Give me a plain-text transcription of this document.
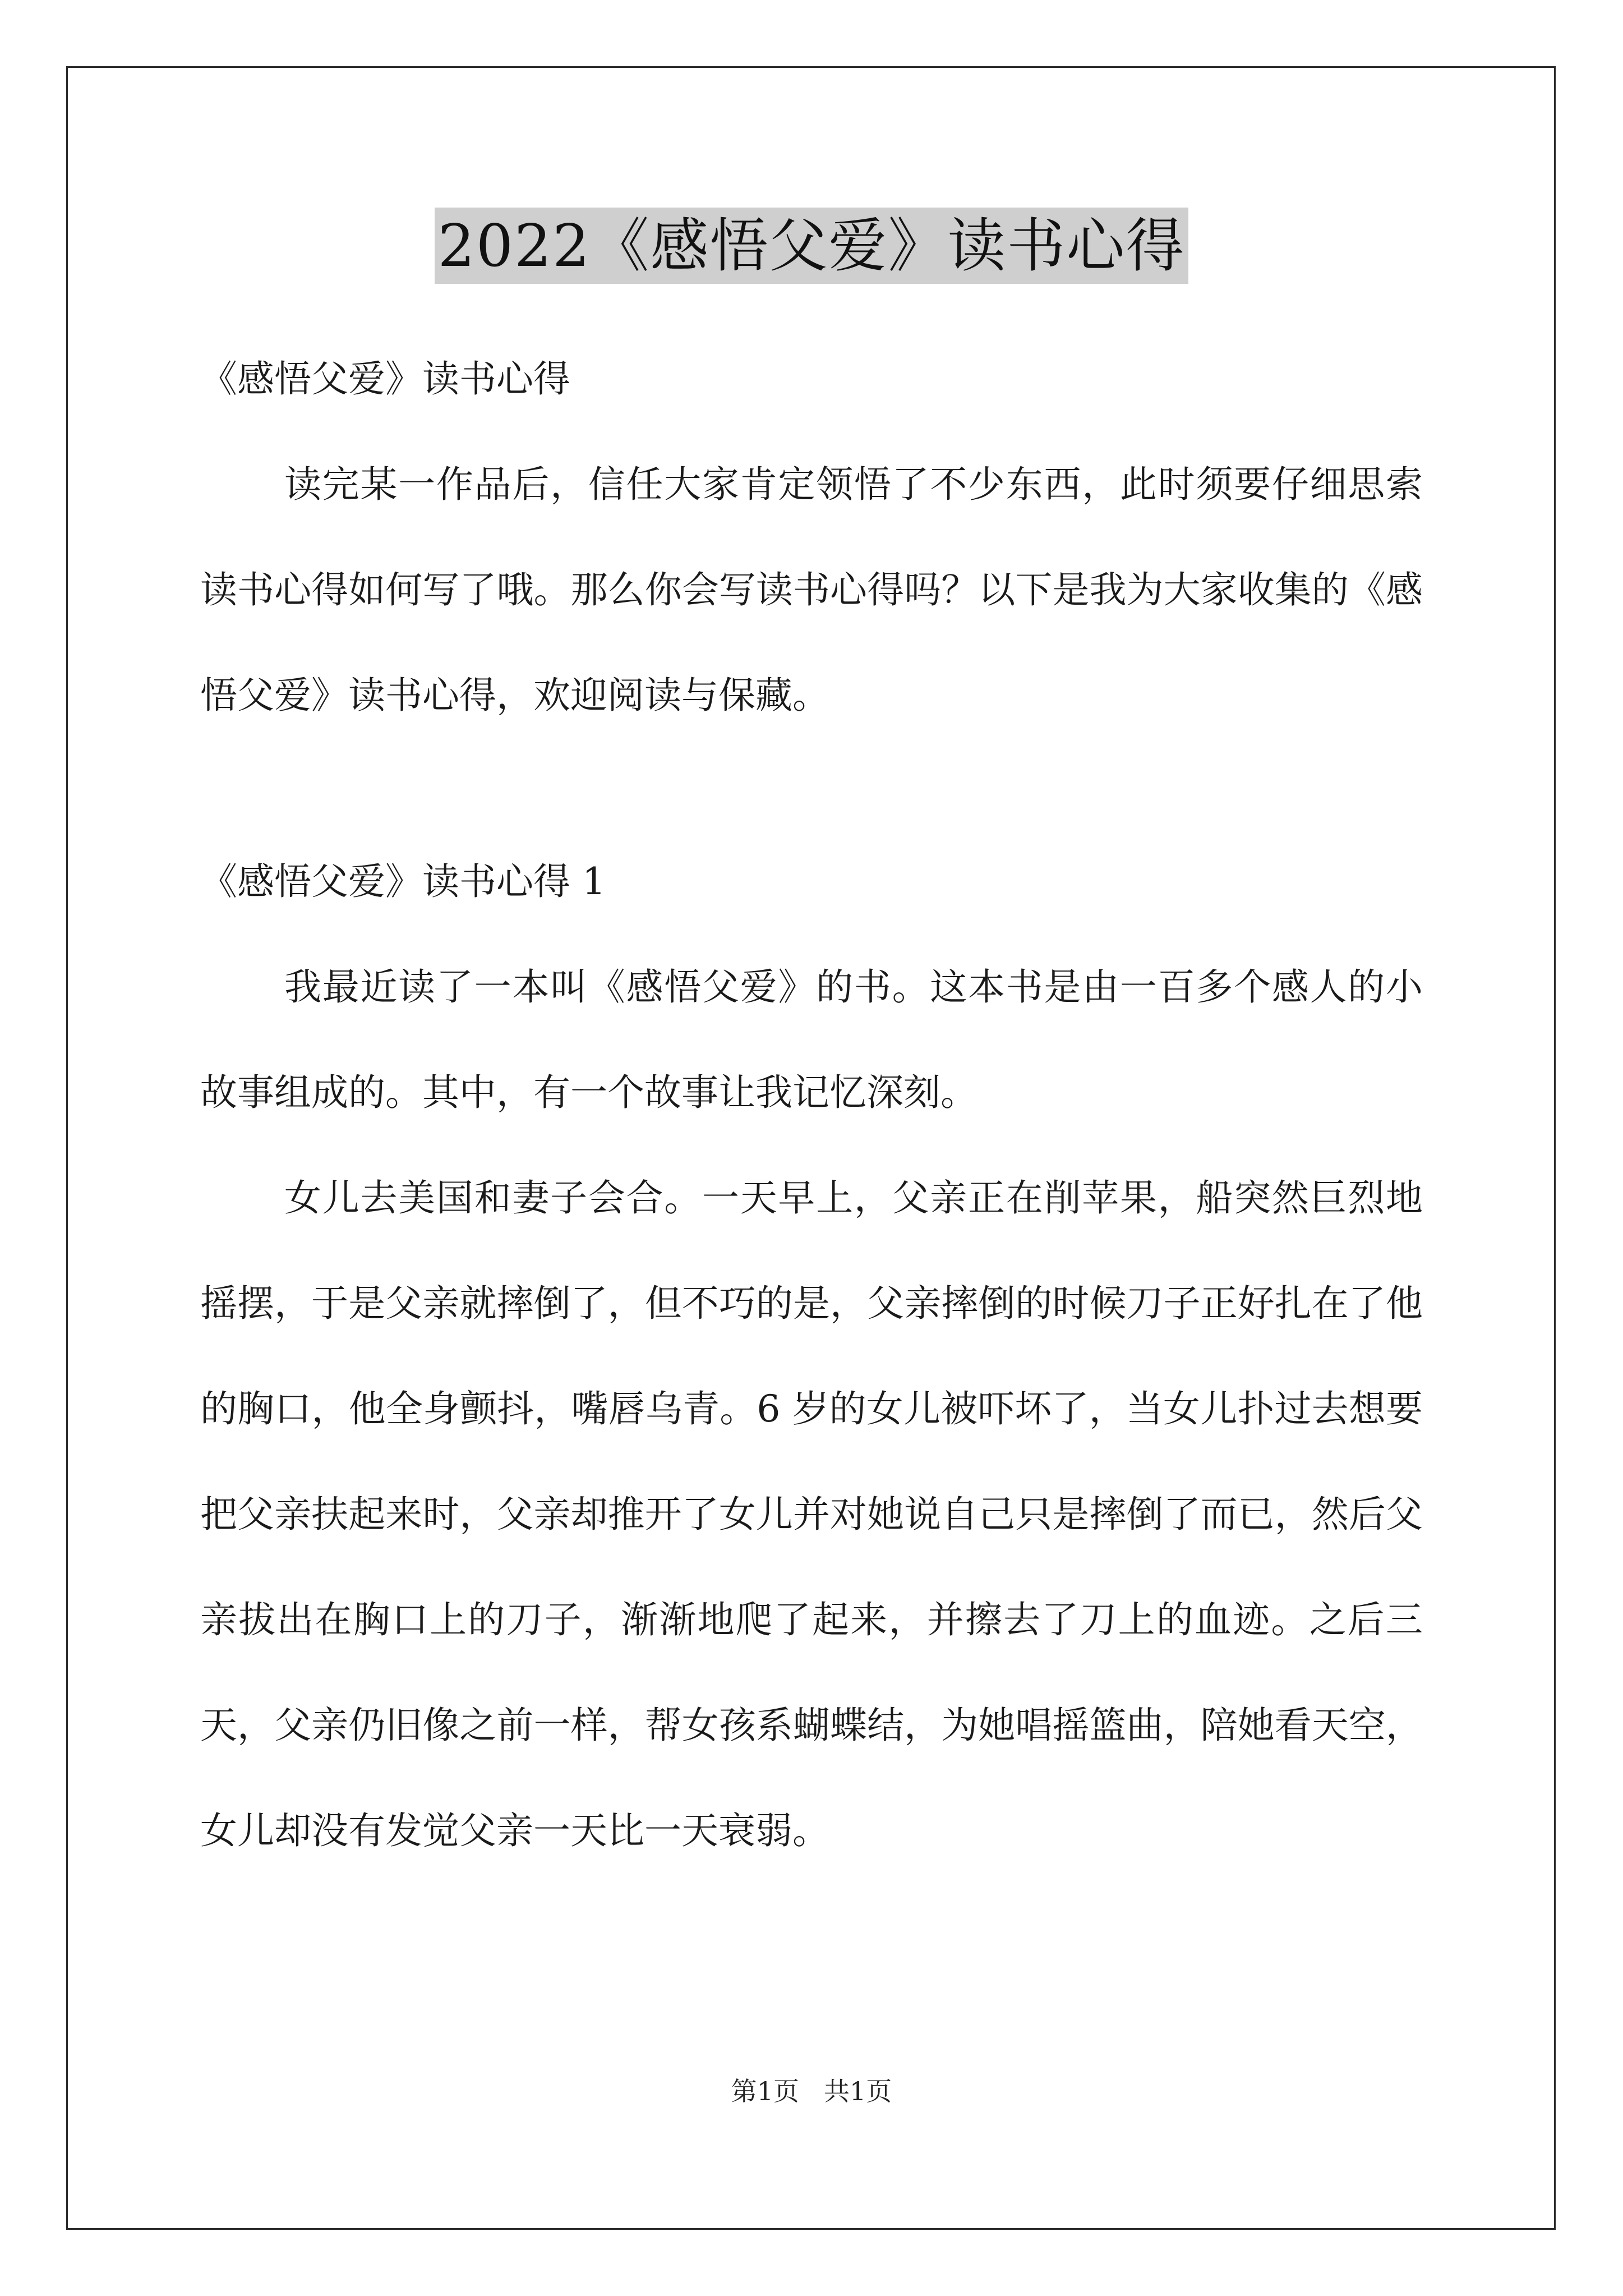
2022《感悟父爱》读书心得

《感悟父爱》读书心得

读完某一作品后，信任大家肯定领悟了不少东西，此时须要仔细思索读书心得如何写了哦。那么你会写读书心得吗？以下是我为大家收集的《感悟父爱》读书心得，欢迎阅读与保藏。

《感悟父爱》读书心得 1

我最近读了一本叫《感悟父爱》的书。这本书是由一百多个感人的小故事组成的。其中，有一个故事让我记忆深刻。

女儿去美国和妻子会合。一天早上，父亲正在削苹果，船突然巨烈地摇摆，于是父亲就摔倒了，但不巧的是，父亲摔倒的时候刀子正好扎在了他的胸口，他全身颤抖，嘴唇乌青。6 岁的女儿被吓坏了，当女儿扑过去想要把父亲扶起来时，父亲却推开了女儿并对她说自己只是摔倒了而已，然后父亲拔出在胸口上的刀子，渐渐地爬了起来，并擦去了刀上的血迹。之后三天，父亲仍旧像之前一样，帮女孩系蝴蝶结，为她唱摇篮曲，陪她看天空，女儿却没有发觉父亲一天比一天衰弱。

第1页 共1页
